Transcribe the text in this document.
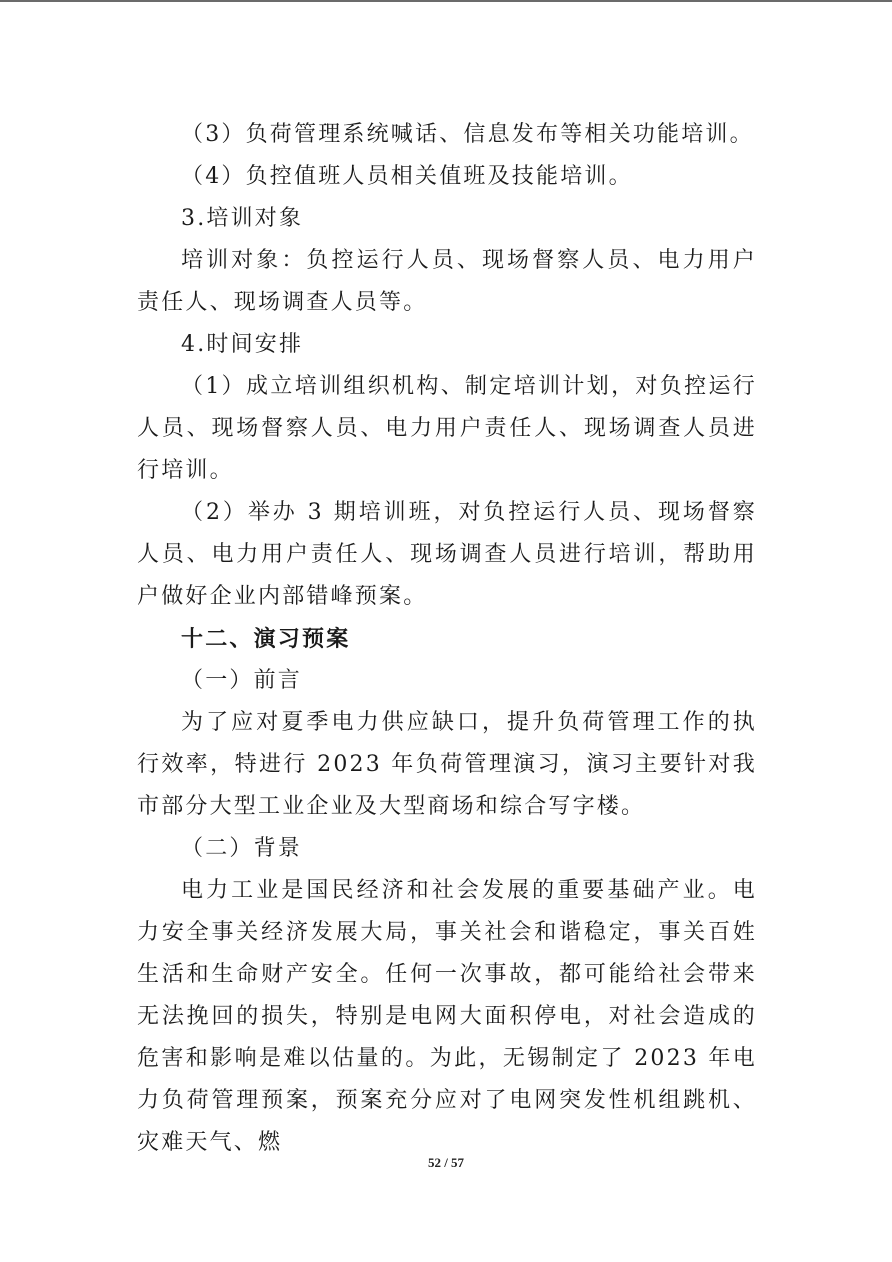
（3）负荷管理系统喊话、信息发布等相关功能培训。

（4）负控值班人员相关值班及技能培训。

3.培训对象

培训对象：负控运行人员、现场督察人员、电力用户责任人、现场调查人员等。

4.时间安排

（1）成立培训组织机构、制定培训计划，对负控运行人员、现场督察人员、电力用户责任人、现场调查人员进行培训。

（2）举办 3 期培训班，对负控运行人员、现场督察人员、电力用户责任人、现场调查人员进行培训，帮助用户做好企业内部错峰预案。

十二、演习预案

（一）前言

为了应对夏季电力供应缺口，提升负荷管理工作的执行效率，特进行 2023 年负荷管理演习，演习主要针对我市部分大型工业企业及大型商场和综合写字楼。

（二）背景

电力工业是国民经济和社会发展的重要基础产业。电力安全事关经济发展大局，事关社会和谐稳定，事关百姓生活和生命财产安全。任何一次事故，都可能给社会带来无法挽回的损失，特别是电网大面积停电，对社会造成的危害和影响是难以估量的。为此，无锡制定了 2023 年电力负荷管理预案，预案充分应对了电网突发性机组跳机、灾难天气、燃

52 / 57
